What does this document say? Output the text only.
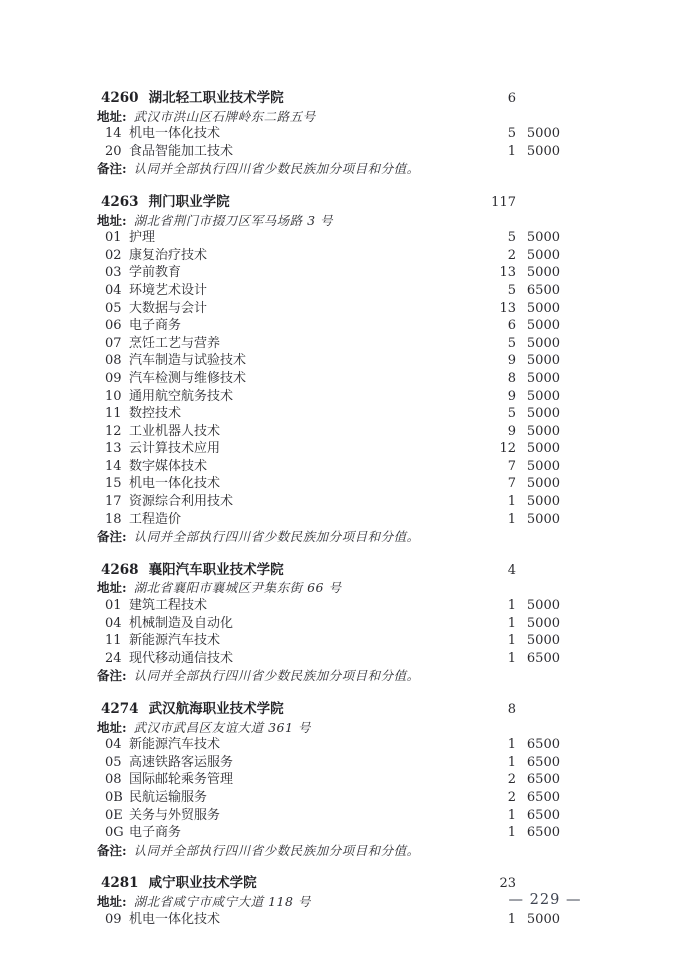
4260 湖北轻工职业技术学院	6
地址: 武汉市洪山区石牌岭东二路五号
14 机电一体化技术	5 5000
20 食品智能加工技术	1 5000
备注: 认同并全部执行四川省少数民族加分项目和分值。
4263 荆门职业学院	117
地址: 湖北省荆门市掇刀区军马场路 3 号
01 护理	5 5000
02 康复治疗技术	2 5000
03 学前教育	13 5000
04 环境艺术设计	5 6500
05 大数据与会计	13 5000
06 电子商务	6 5000
07 烹饪工艺与营养	5 5000
08 汽车制造与试验技术	9 5000
09 汽车检测与维修技术	8 5000
10 通用航空航务技术	9 5000
11 数控技术	5 5000
12 工业机器人技术	9 5000
13 云计算技术应用	12 5000
14 数字媒体技术	7 5000
15 机电一体化技术	7 5000
17 资源综合利用技术	1 5000
18 工程造价	1 5000
备注: 认同并全部执行四川省少数民族加分项目和分值。
4268 襄阳汽车职业技术学院	4
地址: 湖北省襄阳市襄城区尹集东街 66 号
01 建筑工程技术	1 5000
04 机械制造及自动化	1 5000
11 新能源汽车技术	1 5000
24 现代移动通信技术	1 6500
备注: 认同并全部执行四川省少数民族加分项目和分值。
4274 武汉航海职业技术学院	8
地址: 武汉市武昌区友谊大道 361 号
04 新能源汽车技术	1 6500
05 高速铁路客运服务	1 6500
08 国际邮轮乘务管理	2 6500
0B 民航运输服务	2 6500
0E 关务与外贸服务	1 6500
0G 电子商务	1 6500
备注: 认同并全部执行四川省少数民族加分项目和分值。
4281 咸宁职业技术学院	23
地址: 湖北省咸宁市咸宁大道 118 号
09 机电一体化技术	1 5000
— 229 —
